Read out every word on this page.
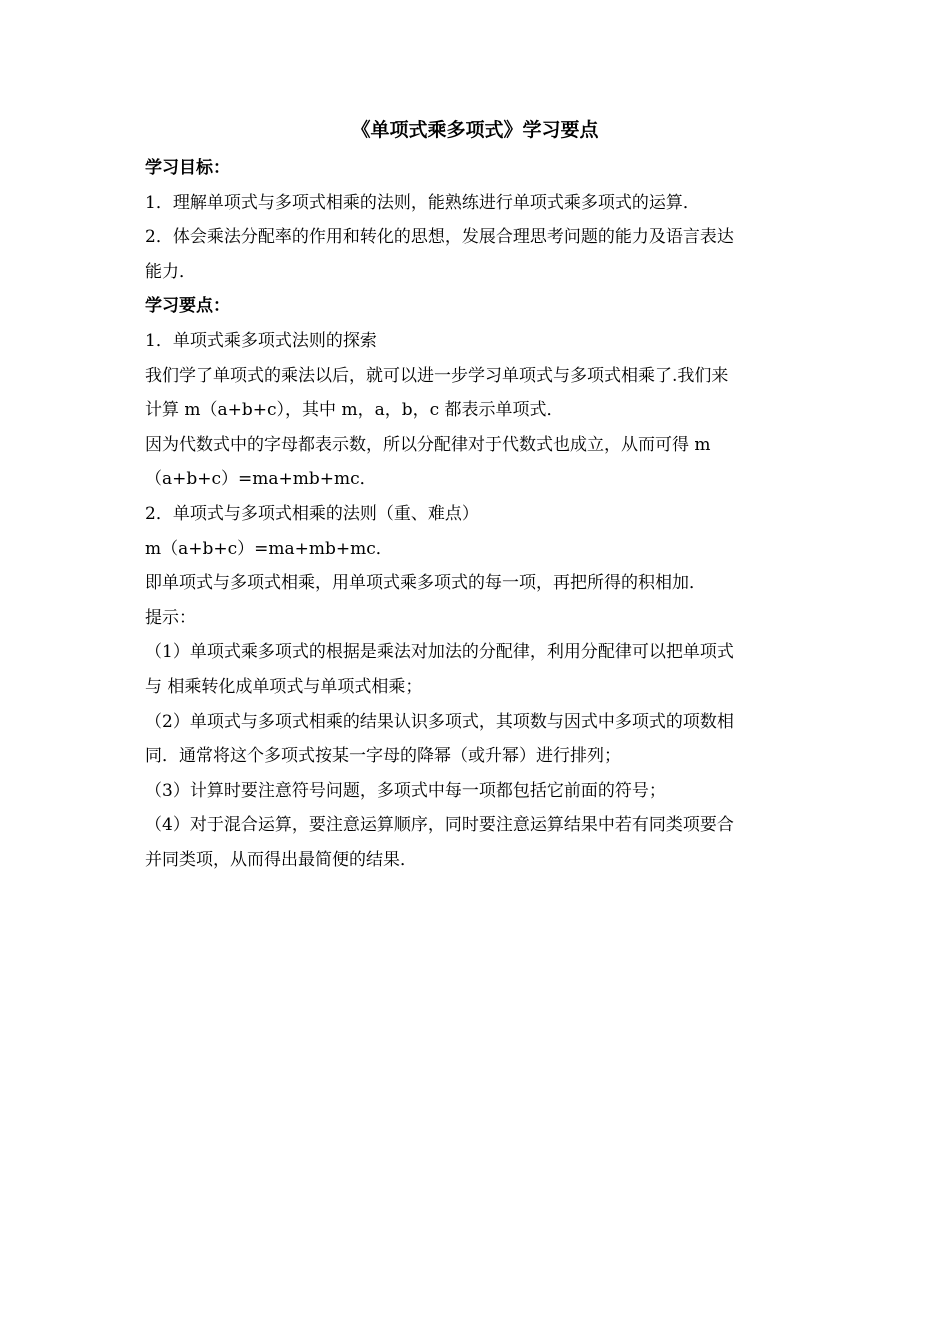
《单项式乘多项式》学习要点
学习目标：
1．理解单项式与多项式相乘的法则，能熟练进行单项式乘多项式的运算．
2．体会乘法分配率的作用和转化的思想，发展合理思考问题的能力及语言表达
能力．
学习要点：
1．单项式乘多项式法则的探索
我们学了单项式的乘法以后，就可以进一步学习单项式与多项式相乘了.我们来
计算 m（a+b+c），其中 m，a，b，c 都表示单项式．
因为代数式中的字母都表示数，所以分配律对于代数式也成立，从而可得 m
（a+b+c）=ma+mb+mc．
2．单项式与多项式相乘的法则（重、难点）
m（a+b+c）=ma+mb+mc．
即单项式与多项式相乘，用单项式乘多项式的每一项，再把所得的积相加．
提示：
（1）单项式乘多项式的根据是乘法对加法的分配律，利用分配律可以把单项式
与 相乘转化成单项式与单项式相乘；
（2）单项式与多项式相乘的结果认识多项式，其项数与因式中多项式的项数相
同．通常将这个多项式按某一字母的降幂（或升幂）进行排列；
（3）计算时要注意符号问题，多项式中每一项都包括它前面的符号；
（4）对于混合运算，要注意运算顺序，同时要注意运算结果中若有同类项要合
并同类项，从而得出最简便的结果．
